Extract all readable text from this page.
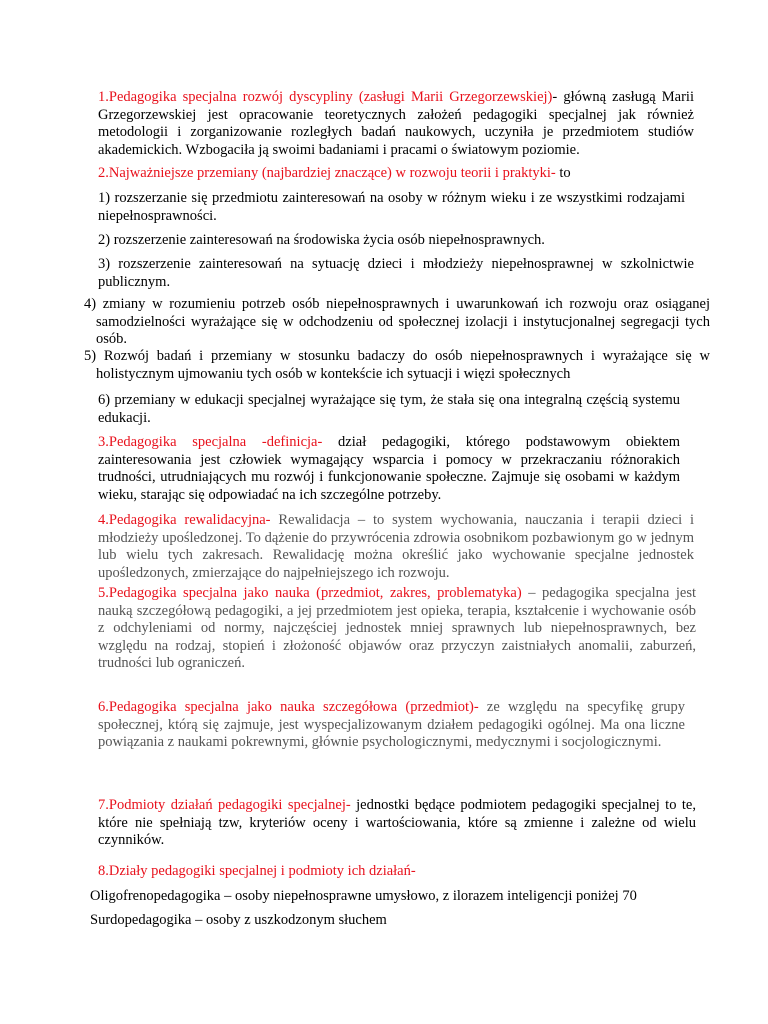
1.Pedagogika specjalna rozwój dyscypliny (zasługi Marii Grzegorzewskiej)- główną zasługą Marii Grzegorzewskiej jest opracowanie teoretycznych założeń pedagogiki specjalnej jak również metodologii i zorganizowanie rozległych badań naukowych, uczyniła je przedmiotem studiów akademickich. Wzbogaciła ją swoimi badaniami i pracami o światowym poziomie.

2.Najważniejsze przemiany (najbardziej znaczące) w rozwoju teorii i praktyki- to

1) rozszerzanie się przedmiotu zainteresowań na osoby w różnym wieku i ze wszystkimi rodzajami niepełnosprawności.

2) rozszerzenie zainteresowań na środowiska życia osób niepełnosprawnych.

3) rozszerzenie zainteresowań na sytuację dzieci i młodzieży niepełnosprawnej w szkolnictwie publicznym.

4) zmiany w rozumieniu potrzeb osób niepełnosprawnych i uwarunkowań ich rozwoju oraz osiąganej samodzielności wyrażające się w odchodzeniu od społecznej izolacji i instytucjonalnej segregacji tych osób.

5) Rozwój badań i przemiany w stosunku badaczy do osób niepełnosprawnych i wyrażające się w holistycznym ujmowaniu tych osób w kontekście ich sytuacji i więzi społecznych

6) przemiany w edukacji specjalnej wyrażające się tym, że stała się ona integralną częścią systemu edukacji.

3.Pedagogika specjalna -definicja- dział pedagogiki, którego podstawowym obiektem zainteresowania jest człowiek wymagający wsparcia i pomocy w przekraczaniu różnorakich trudności, utrudniających mu rozwój i funkcjonowanie społeczne. Zajmuje się osobami w każdym wieku, starając się odpowiadać na ich szczególne potrzeby.

4.Pedagogika rewalidacyjna- Rewalidacja – to system wychowania, nauczania i terapii dzieci i młodzieży upośledzonej. To dążenie do przywrócenia zdrowia osobnikom pozbawionym go w jednym lub wielu tych zakresach. Rewalidację można określić jako wychowanie specjalne jednostek upośledzonych, zmierzające do najpełniejszego ich rozwoju.

5.Pedagogika specjalna jako nauka (przedmiot, zakres, problematyka) – pedagogika specjalna jest nauką szczegółową pedagogiki, a jej przedmiotem jest opieka, terapia, kształcenie i wychowanie osób z odchyleniami od normy, najczęściej jednostek mniej sprawnych lub niepełnosprawnych, bez względu na rodzaj, stopień i złożoność objawów oraz przyczyn zaistniałych anomalii, zaburzeń, trudności lub ograniczeń.

6.Pedagogika specjalna jako nauka szczegółowa (przedmiot)- ze względu na specyfikę grupy społecznej, którą się zajmuje, jest wyspecjalizowanym działem pedagogiki ogólnej. Ma ona liczne powiązania z naukami pokrewnymi, głównie psychologicznymi, medycznymi i socjologicznymi.

7.Podmioty działań pedagogiki specjalnej- jednostki będące podmiotem pedagogiki specjalnej to te, które nie spełniają tzw, kryteriów oceny i wartościowania, które są zmienne i zależne od wielu czynników.

8.Działy pedagogiki specjalnej i podmioty ich działań-

Oligofrenopedagogika – osoby niepełnosprawne umysłowo, z ilorazem inteligencji poniżej 70

Surdopedagogika – osoby z uszkodzonym słuchem
